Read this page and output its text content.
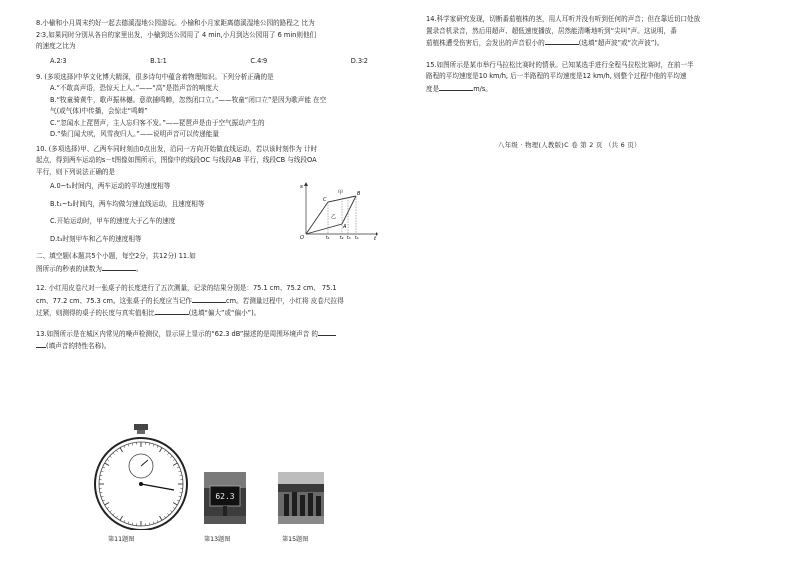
8.小榆和小月周末约好一起去德溪湿地公园游玩。小榆和小月家距离德溪湿地公园的路程之 比为

2∶3,如果同时分别从各自的家里出发，小榆到达公园用了 4 min,小月到达公园用了 6 min则他们

的速度之比为

A.2∶3	B.1∶1	C.4∶9	D.3∶2

9. (多项选择)中华文化博大精深，很多诗句中蕴含着物理知识。下列分析正确的是

A.“不敢高声语，恐惊天上人。”——“高”是指声音的响度大

B.“牧童骑黄牛，歌声振林樾。意欲捕鸣蝉，忽然闭口立。”——牧童“闭口立”是因为歌声能 在空

气(或气体)中传播，会惊走“鸣蝉”

C.“忽闻水上琵琶声，主人忘归客不发。”——琵琶声是由于空气振动产生的

D.“柴门闻犬吠，风雪夜归人。”——说明声音可以传递能量

10. (多项选择)甲、乙两车同时刻由0点出发，沿同一方向开始做直线运动，若以该时刻作为 计时

起点，得到两车运动的s－t图像如图所示，图像中的线段OC 与线段AB 平行，线段CB 与线段OA

平行，则下列说法正确的是

A.0~t₁时间内，两车运动的平均速度相等

B.t₁~t₂时间内，两车均做匀速直线运动，且速度相等

C.开始运动时，甲车的速度大于乙车的速度

D.t₃时刻甲车和乙车的速度相等

s
t
O
C
A
B
甲
乙
t₁ t₂ t₃ t₄

二、填空题(本题共5个小题，每空2分，共12分) 11.如

图所示的秒表的读数为	。

12. 小红用皮卷尺对一张桌子的长度进行了五次测量，记录的结果分别是：75.1 cm、75.2 cm、 75.1

cm、77.2 cm、75.3 cm。这张桌子的长度应当记作	cm。若测量过程中，小红将 皮卷尺拉得

过紧，则测得的桌子的长度与真实值相比	(选填“偏大”或“偏小”)。

13.如图所示是在城区内常见的噪声检测仪，显示屏上显示的“62.3 dB”描述的是周围环境声音 的

(填声音的特性名称)。

62.3
第11题图	第13题图	第15题图

14.科学家研究发现，切断番茄植株的茎，用人耳听并没有听到任何的声音；但在靠近切口处放

置录音机录音，然后用超声、超低速度播放，居然能清晰地听到“尖叫”声。这说明，番

茄植株遭受伤害后，会发出的声音很小的	(选填“超声波”或“次声波”)。

15.如图所示是某市举行马拉松比赛时的情景。已知某选手进行全程马拉松比赛时，在前一半

路程的平均速度是10 km/h, 后一半路程的平均速度是12 km/h, 则整个过程中他的平均速

度是	m/s。

八年级 · 物理(人教版)C 卷 第 2 页 （共 6 页）
